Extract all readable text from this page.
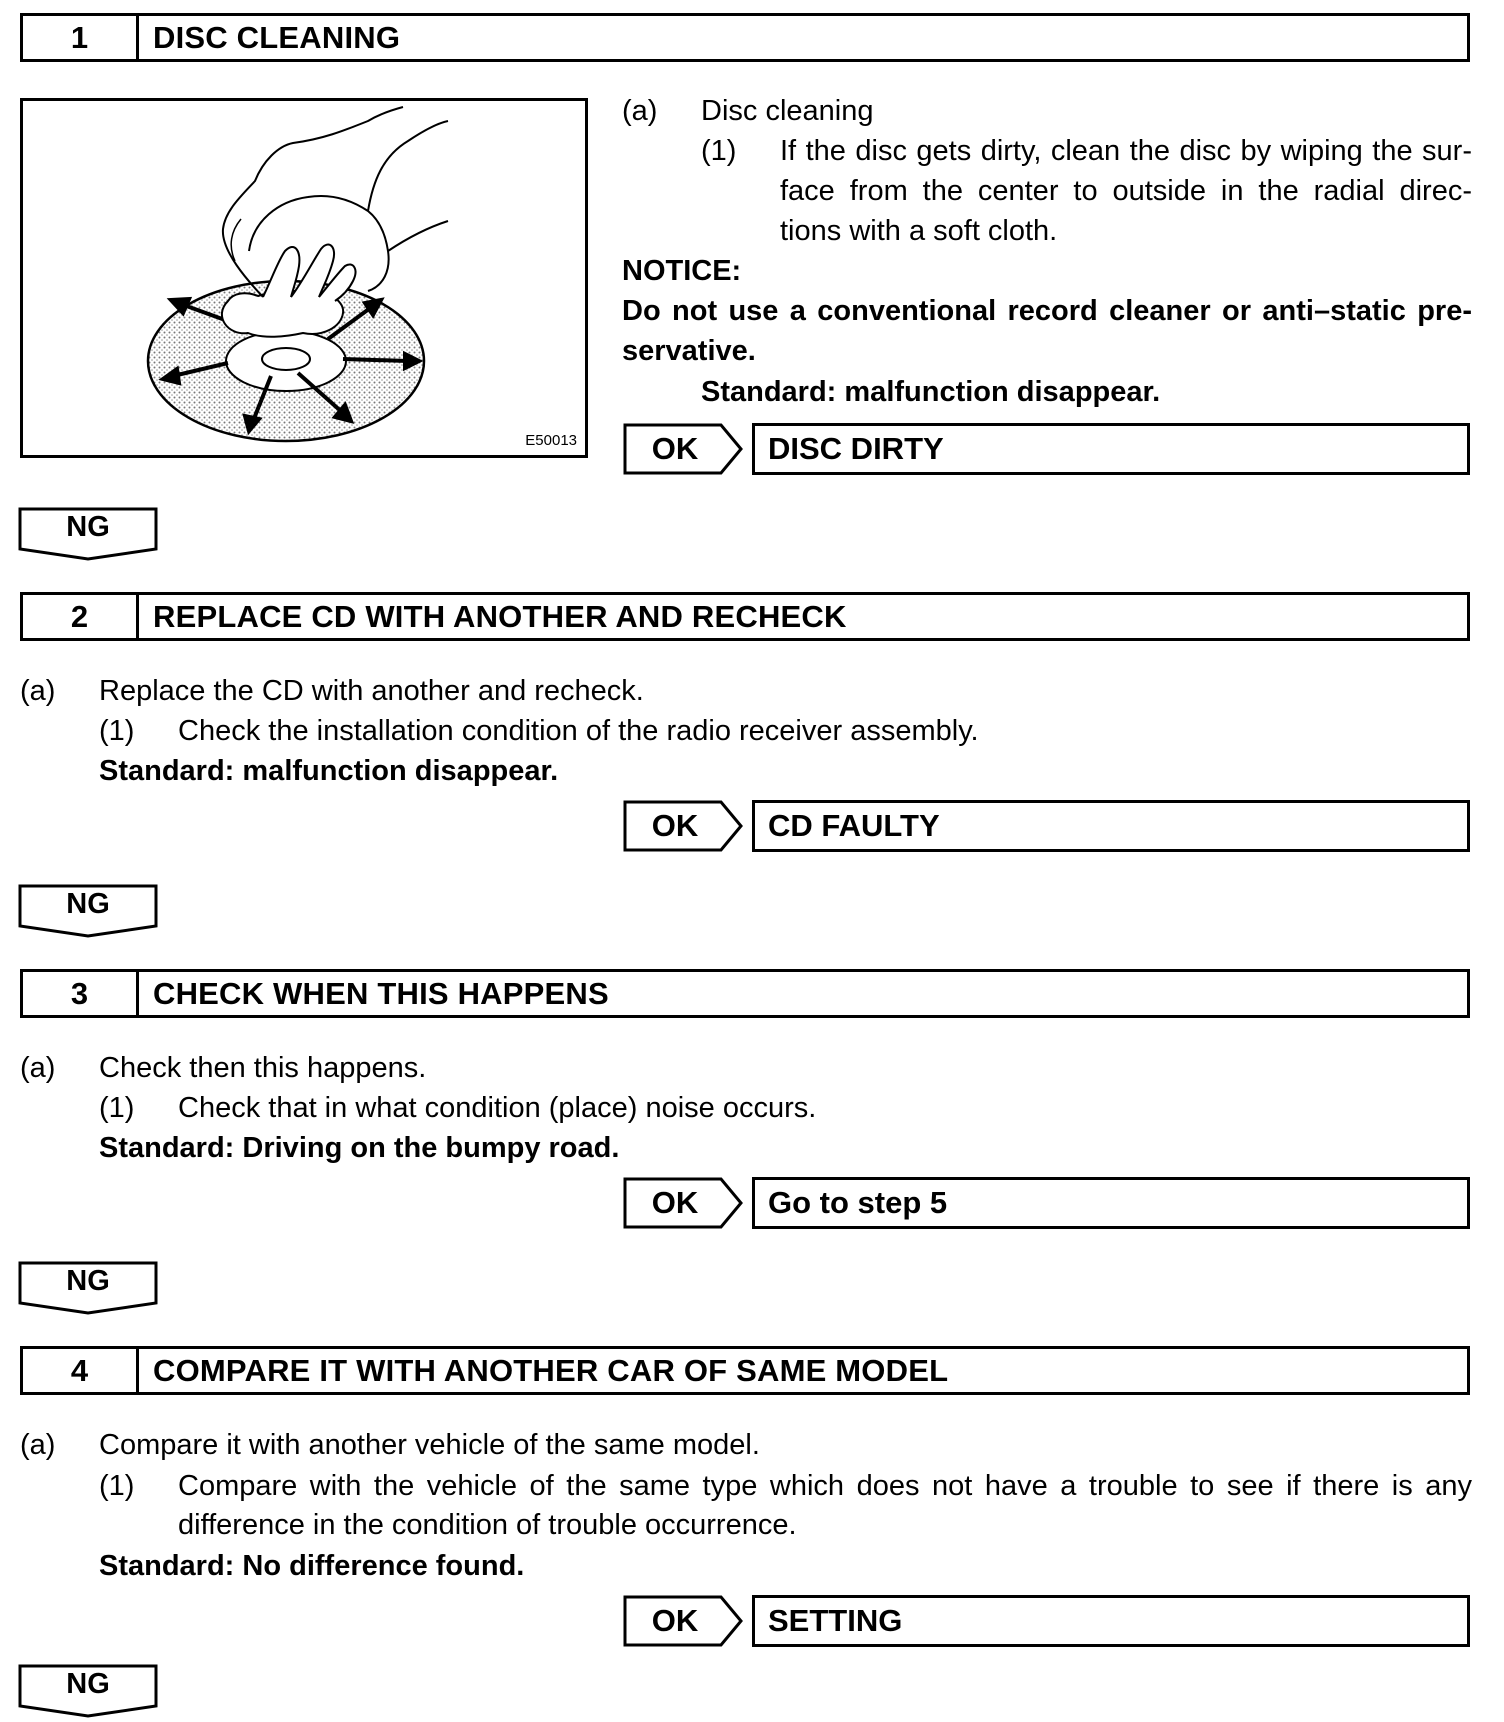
1	DISC CLEANING
E50013
(a) Disc cleaning
(1) If the disc gets dirty, clean the disc by wiping the sur-
face from the center to outside in the radial direc-
tions with a soft cloth.
NOTICE:
Do not use a conventional record cleaner or anti–static pre-
servative.
Standard: malfunction disappear.
OK	DISC DIRTY
NG
2	REPLACE CD WITH ANOTHER AND RECHECK
(a) Replace the CD with another and recheck.
(1) Check the installation condition of the radio receiver assembly.
Standard: malfunction disappear.
OK	CD FAULTY
NG
3	CHECK WHEN THIS HAPPENS
(a) Check then this happens.
(1) Check that in what condition (place) noise occurs.
Standard: Driving on the bumpy road.
OK	Go to step 5
NG
4	COMPARE IT WITH ANOTHER CAR OF SAME MODEL
(a) Compare it with another vehicle of the same model.
(1) Compare with the vehicle of the same type which does not have a trouble to see if there is any
difference in the condition of trouble occurrence.
Standard: No difference found.
OK	SETTING
NG
